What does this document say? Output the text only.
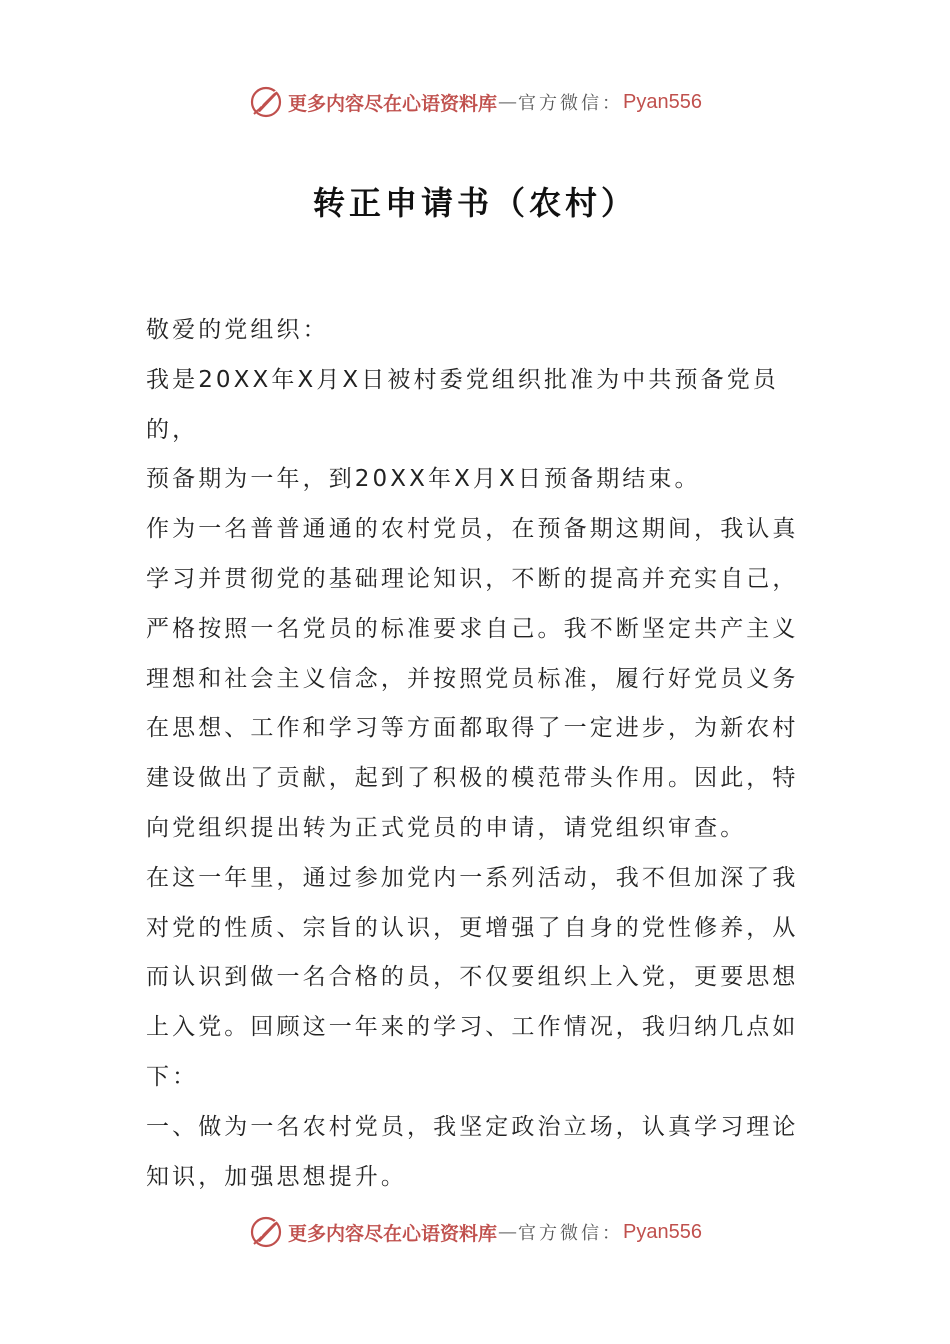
更多内容尽在心语资料库 — 官方微信： Pyan556
转正申请书（农村）

敬爱的党组织：

我是20XX年X月X日被村委党组织批准为中共预备党员的，

预备期为一年，到20XX年X月X日预备期结束。

作为一名普普通通的农村党员，在预备期这期间，我认真

学习并贯彻党的基础理论知识，不断的提高并充实自己，

严格按照一名党员的标准要求自己。我不断坚定共产主义

理想和社会主义信念，并按照党员标准，履行好党员义务

在思想、工作和学习等方面都取得了一定进步，为新农村

建设做出了贡献，起到了积极的模范带头作用。因此，特

向党组织提出转为正式党员的申请，请党组织审查。

在这一年里，通过参加党内一系列活动，我不但加深了我

对党的性质、宗旨的认识，更增强了自身的党性修养，从

而认识到做一名合格的员，不仅要组织上入党，更要思想

上入党。回顾这一年来的学习、工作情况，我归纳几点如

下：

一、做为一名农村党员，我坚定政治立场，认真学习理论

知识，加强思想提升。

更多内容尽在心语资料库 — 官方微信： Pyan556
